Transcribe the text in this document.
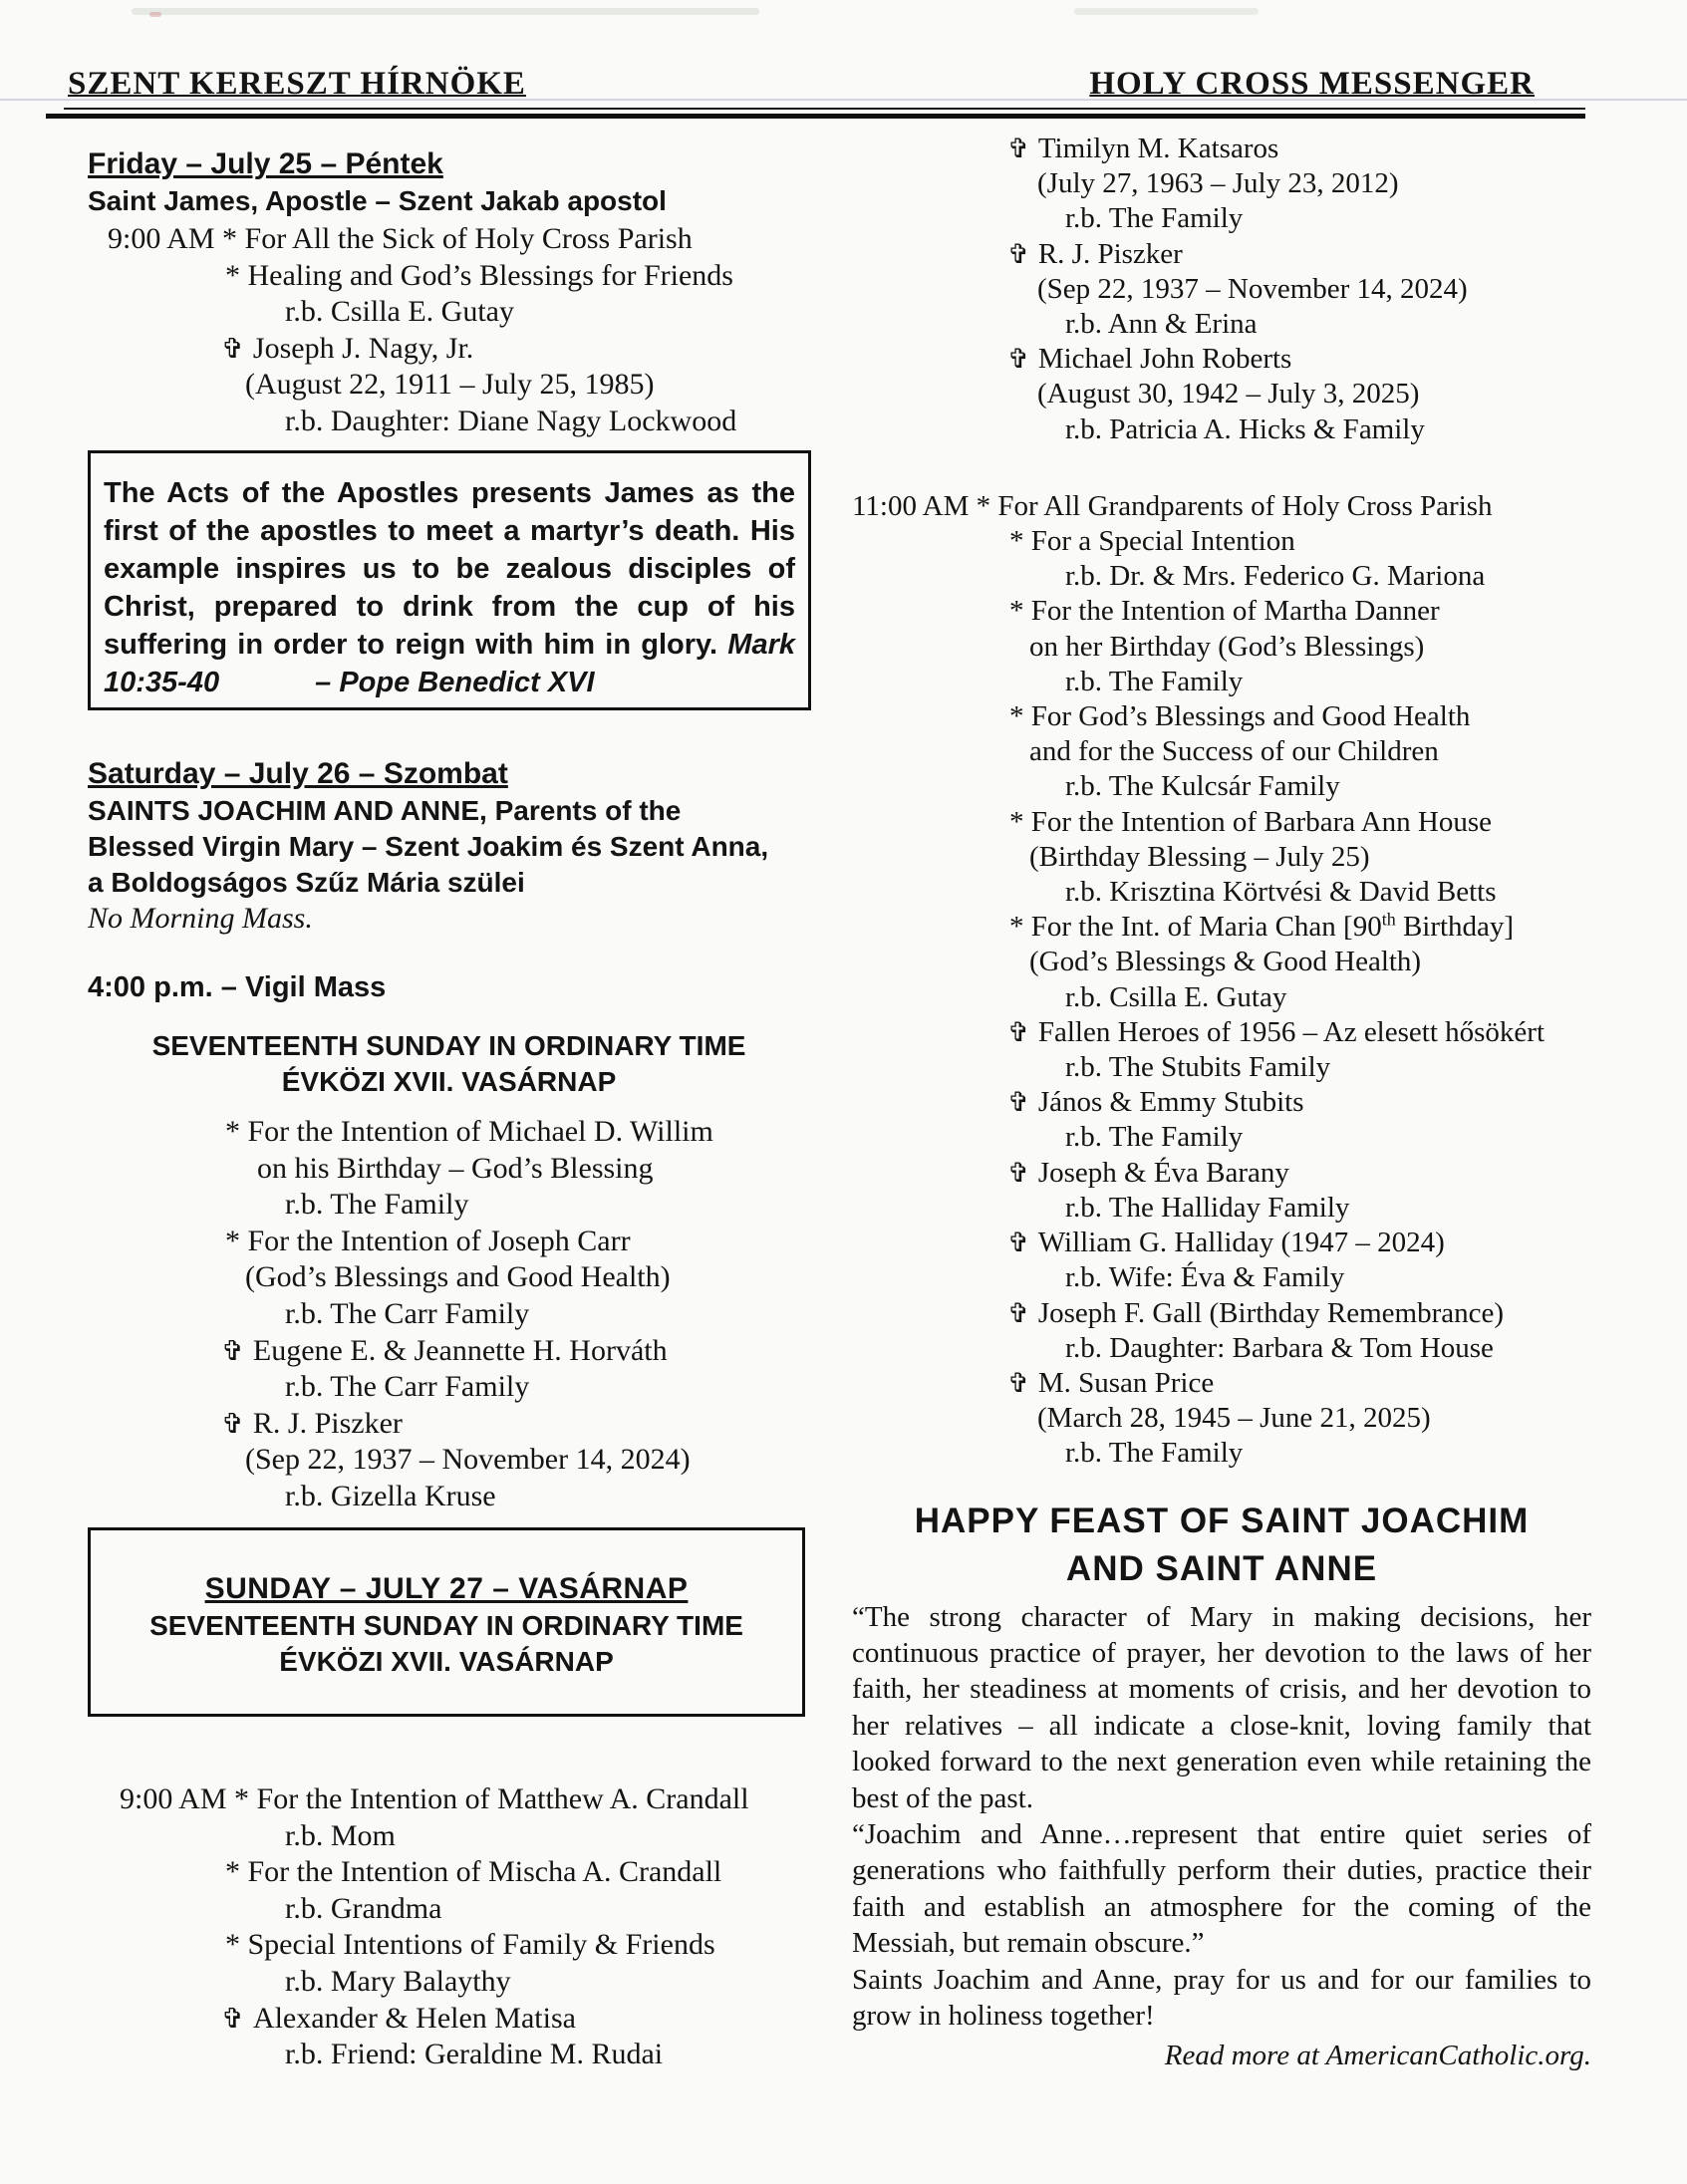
SZENT KERESZT HÍRNÖKE	HOLY CROSS MESSENGER
Friday – July 25 – Péntek
Saint James, Apostle – Szent Jakab apostol
9:00 AM * For All the Sick of Holy Cross Parish
* Healing and God’s Blessings for Friends
r.b. Csilla E. Gutay
✞ Joseph J. Nagy, Jr.
(August 22, 1911 – July 25, 1985)
r.b. Daughter: Diane Nagy Lockwood
The Acts of the Apostles presents James as the first of the apostles to meet a martyr’s death. His example inspires us to be zealous disciples of Christ, prepared to drink from the cup of his suffering in order to reign with him in glory. Mark 10:35-40	– Pope Benedict XVI
Saturday – July 26 – Szombat
SAINTS JOACHIM AND ANNE, Parents of the
Blessed Virgin Mary – Szent Joakim és Szent Anna,
a Boldogságos Szűz Mária szülei
No Morning Mass.
4:00 p.m. – Vigil Mass
SEVENTEENTH SUNDAY IN ORDINARY TIME
ÉVKÖZI XVII. VASÁRNAP
* For the Intention of Michael D. Willim
on his Birthday – God’s Blessing
r.b. The Family
* For the Intention of Joseph Carr
(God’s Blessings and Good Health)
r.b. The Carr Family
✞ Eugene E. & Jeannette H. Horváth
r.b. The Carr Family
✞ R. J. Piszker
(Sep 22, 1937 – November 14, 2024)
r.b. Gizella Kruse
SUNDAY – JULY 27 – VASÁRNAP
SEVENTEENTH SUNDAY IN ORDINARY TIME
ÉVKÖZI XVII. VASÁRNAP
9:00 AM * For the Intention of Matthew A. Crandall
r.b. Mom
* For the Intention of Mischa A. Crandall
r.b. Grandma
* Special Intentions of Family & Friends
r.b. Mary Balaythy
✞ Alexander & Helen Matisa
r.b. Friend: Geraldine M. Rudai
✞ Timilyn M. Katsaros
(July 27, 1963 – July 23, 2012)
r.b. The Family
✞ R. J. Piszker
(Sep 22, 1937 – November 14, 2024)
r.b. Ann & Erina
✞ Michael John Roberts
(August 30, 1942 – July 3, 2025)
r.b. Patricia A. Hicks & Family
11:00 AM * For All Grandparents of Holy Cross Parish
* For a Special Intention
r.b. Dr. & Mrs. Federico G. Mariona
* For the Intention of Martha Danner
on her Birthday (God’s Blessings)
r.b. The Family
* For God’s Blessings and Good Health
and for the Success of our Children
r.b. The Kulcsár Family
* For the Intention of Barbara Ann House
(Birthday Blessing – July 25)
r.b. Krisztina Körtvési & David Betts
* For the Int. of Maria Chan [90th Birthday]
(God’s Blessings & Good Health)
r.b. Csilla E. Gutay
✞ Fallen Heroes of 1956 – Az elesett hősökért
r.b. The Stubits Family
✞ János & Emmy Stubits
r.b. The Family
✞ Joseph & Éva Barany
r.b. The Halliday Family
✞ William G. Halliday (1947 – 2024)
r.b. Wife: Éva & Family
✞ Joseph F. Gall (Birthday Remembrance)
r.b. Daughter: Barbara & Tom House
✞ M. Susan Price
(March 28, 1945 – June 21, 2025)
r.b. The Family
HAPPY FEAST OF SAINT JOACHIM
AND SAINT ANNE
“The strong character of Mary in making decisions, her continuous practice of prayer, her devotion to the laws of her faith, her steadiness at moments of crisis, and her devotion to her relatives – all indicate a close-knit, loving family that looked forward to the next generation even while retaining the best of the past.
“Joachim and Anne…represent that entire quiet series of generations who faithfully perform their duties, practice their faith and establish an atmosphere for the coming of the Messiah, but remain obscure.”
Saints Joachim and Anne, pray for us and for our families to grow in holiness together!
Read more at AmericanCatholic.org.
